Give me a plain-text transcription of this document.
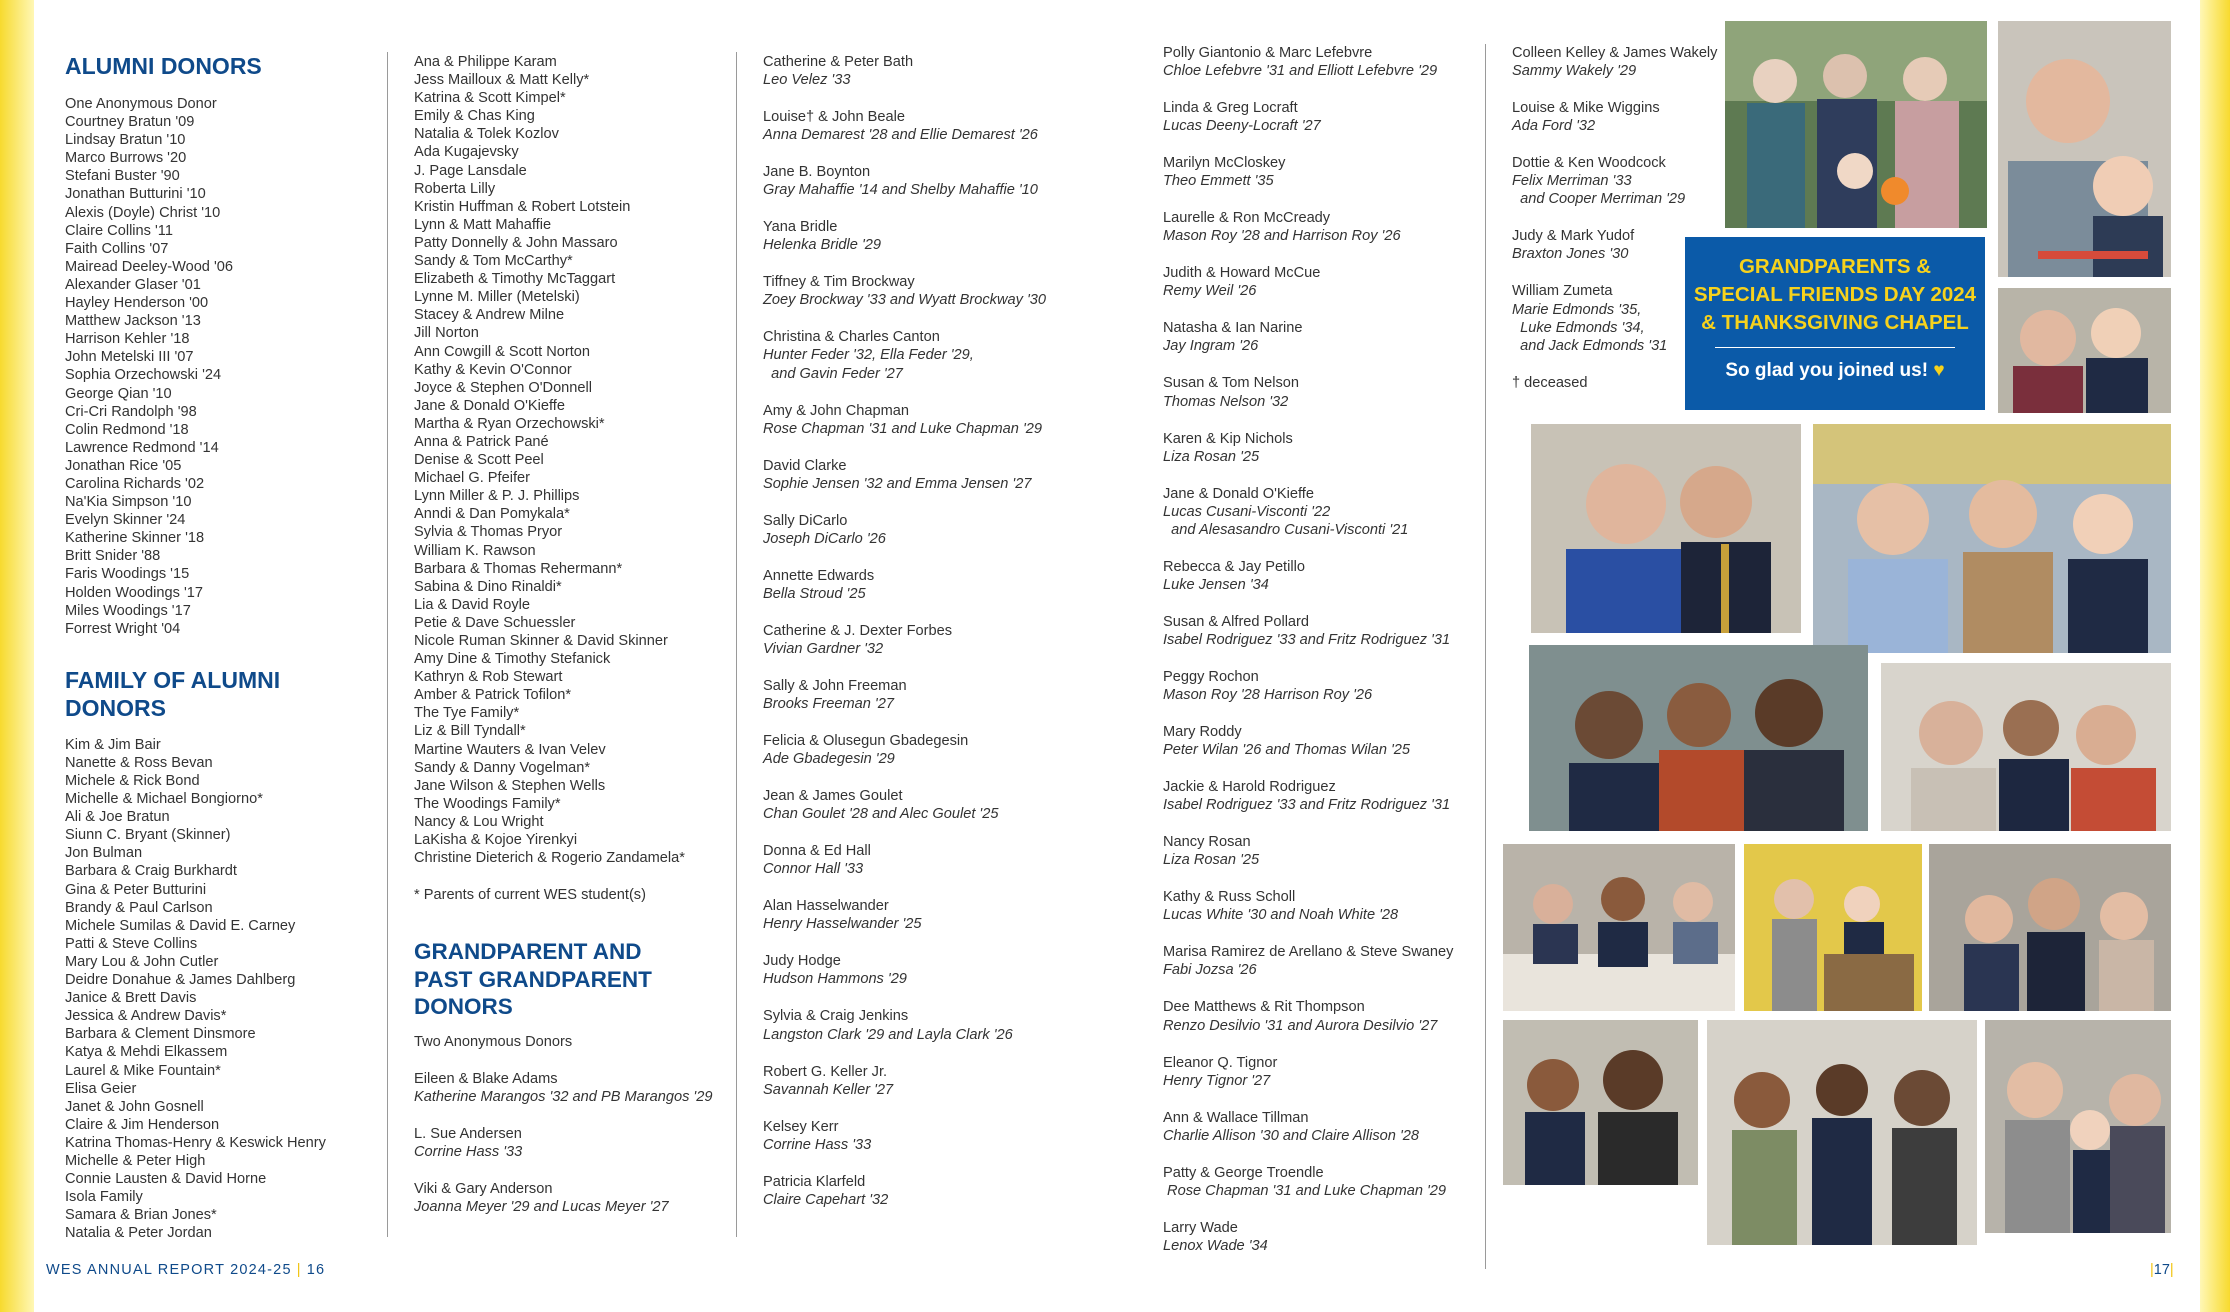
ALUMNI DONORS
One Anonymous Donor
Courtney Bratun '09
Lindsay Bratun '10
Marco Burrows '20
Stefani Buster '90
Jonathan Butturini '10
Alexis (Doyle) Christ '10
Claire Collins '11
Faith Collins '07
Mairead Deeley-Wood '06
Alexander Glaser '01
Hayley Henderson '00
Matthew Jackson '13
Harrison Kehler '18
John Metelski III '07
Sophia Orzechowski '24
George Qian '10
Cri-Cri Randolph '98
Colin Redmond '18
Lawrence Redmond '14
Jonathan Rice '05
Carolina Richards '02
Na'Kia Simpson '10
Evelyn Skinner '24
Katherine Skinner '18
Britt Snider '88
Faris Woodings '15
Holden Woodings '17
Miles Woodings '17
Forrest Wright '04
FAMILY OF ALUMNI
DONORS
Kim & Jim Bair
Nanette & Ross Bevan
Michele & Rick Bond
Michelle & Michael Bongiorno*
Ali & Joe Bratun
Siunn C. Bryant (Skinner)
Jon Bulman
Barbara & Craig Burkhardt
Gina & Peter Butturini
Brandy & Paul Carlson
Michele Sumilas & David E. Carney
Patti & Steve Collins
Mary Lou & John Cutler
Deidre Donahue & James Dahlberg
Janice & Brett Davis
Jessica & Andrew Davis*
Barbara & Clement Dinsmore
Katya & Mehdi Elkassem
Laurel & Mike Fountain*
Elisa Geier
Janet & John Gosnell
Claire & Jim Henderson
Katrina Thomas-Henry & Keswick Henry
Michelle & Peter High
Connie Lausten & David Horne
Isola Family
Samara & Brian Jones*
Natalia & Peter Jordan
Ana & Philippe Karam
Jess Mailloux & Matt Kelly*
Katrina & Scott Kimpel*
Emily & Chas King
Natalia & Tolek Kozlov
Ada Kugajevsky
J. Page Lansdale
Roberta Lilly
Kristin Huffman & Robert Lotstein
Lynn & Matt Mahaffie
Patty Donnelly & John Massaro
Sandy & Tom McCarthy*
Elizabeth & Timothy McTaggart
Lynne M. Miller (Metelski)
Stacey & Andrew Milne
Jill Norton
Ann Cowgill & Scott Norton
Kathy & Kevin O'Connor
Joyce & Stephen O'Donnell
Jane & Donald O'Kieffe
Martha & Ryan Orzechowski*
Anna & Patrick Pané
Denise & Scott Peel
Michael G. Pfeifer
Lynn Miller & P. J. Phillips
Anndi & Dan Pomykala*
Sylvia & Thomas Pryor
William K. Rawson
Barbara & Thomas Rehermann*
Sabina & Dino Rinaldi*
Lia & David Royle
Petie & Dave Schuessler
Nicole Ruman Skinner & David Skinner
Amy Dine & Timothy Stefanick
Kathryn & Rob Stewart
Amber & Patrick Tofilon*
The Tye Family*
Liz & Bill Tyndall*
Martine Wauters & Ivan Velev
Sandy & Danny Vogelman*
Jane Wilson & Stephen Wells
The Woodings Family*
Nancy & Lou Wright
LaKisha & Kojoe Yirenkyi
Christine Dieterich & Rogerio Zandamela*
* Parents of current WES student(s)
GRANDPARENT AND
PAST GRANDPARENT
DONORS
Two Anonymous Donors
Eileen & Blake Adams
Katherine Marangos '32 and PB Marangos '29
L. Sue Andersen
Corrine Hass '33
Viki & Gary Anderson
Joanna Meyer '29 and Lucas Meyer '27
Catherine & Peter Bath
Leo Velez '33
Louise† & John Beale
Anna Demarest '28 and Ellie Demarest '26
Jane B. Boynton
Gray Mahaffie '14 and Shelby Mahaffie '10
Yana Bridle
Helenka Bridle '29
Tiffney & Tim Brockway
Zoey Brockway '33 and Wyatt Brockway '30
Christina & Charles Canton
Hunter Feder '32, Ella Feder '29,
and Gavin Feder '27
Amy & John Chapman
Rose Chapman '31 and Luke Chapman '29
David Clarke
Sophie Jensen '32 and Emma Jensen '27
Sally DiCarlo
Joseph DiCarlo '26
Annette Edwards
Bella Stroud '25
Catherine & J. Dexter Forbes
Vivian Gardner '32
Sally & John Freeman
Brooks Freeman '27
Felicia & Olusegun Gbadegesin
Ade Gbadegesin '29
Jean & James Goulet
Chan Goulet '28 and Alec Goulet '25
Donna & Ed Hall
Connor Hall '33
Alan Hasselwander
Henry Hasselwander '25
Judy Hodge
Hudson Hammons '29
Sylvia & Craig Jenkins
Langston Clark '29 and Layla Clark '26
Robert G. Keller Jr.
Savannah Keller '27
Kelsey Kerr
Corrine Hass '33
Patricia Klarfeld
Claire Capehart '32
Polly Giantonio & Marc Lefebvre
Chloe Lefebvre '31 and Elliott Lefebvre '29
Linda & Greg Locraft
Lucas Deeny-Locraft '27
Marilyn McCloskey
Theo Emmett '35
Laurelle & Ron McCready
Mason Roy '28 and Harrison Roy '26
Judith & Howard McCue
Remy Weil '26
Natasha & Ian Narine
Jay Ingram '26
Susan & Tom Nelson
Thomas Nelson '32
Karen & Kip Nichols
Liza Rosan '25
Jane & Donald O'Kieffe
Lucas Cusani-Visconti '22
and Alesasandro Cusani-Visconti '21
Rebecca & Jay Petillo
Luke Jensen '34
Susan & Alfred Pollard
Isabel Rodriguez '33 and Fritz Rodriguez '31
Peggy Rochon
Mason Roy '28 Harrison Roy '26
Mary Roddy
Peter Wilan '26 and Thomas Wilan '25
Jackie & Harold Rodriguez
Isabel Rodriguez '33 and Fritz Rodriguez '31
Nancy Rosan
Liza Rosan '25
Kathy & Russ Scholl
Lucas White '30 and Noah White '28
Marisa Ramirez de Arellano & Steve Swaney
Fabi Jozsa '26
Dee Matthews & Rit Thompson
Renzo Desilvio '31 and Aurora Desilvio '27
Eleanor Q. Tignor
Henry Tignor '27
Ann & Wallace Tillman
Charlie Allison '30 and Claire Allison '28
Patty & George Troendle
Rose Chapman '31 and Luke Chapman '29
Larry Wade
Lenox Wade '34
Colleen Kelley & James Wakely
Sammy Wakely '29
Louise & Mike Wiggins
Ada Ford '32
Dottie & Ken Woodcock
Felix Merriman '33
and Cooper Merriman '29
Judy & Mark Yudof
Braxton Jones '30
William Zumeta
Marie Edmonds '35,
Luke Edmonds '34,
and Jack Edmonds '31
† deceased
GRANDPARENTS &
SPECIAL FRIENDS DAY 2024
& THANKSGIVING CHAPEL
So glad you joined us! ♥
WES ANNUAL REPORT 2024-25 | 16	|17|
